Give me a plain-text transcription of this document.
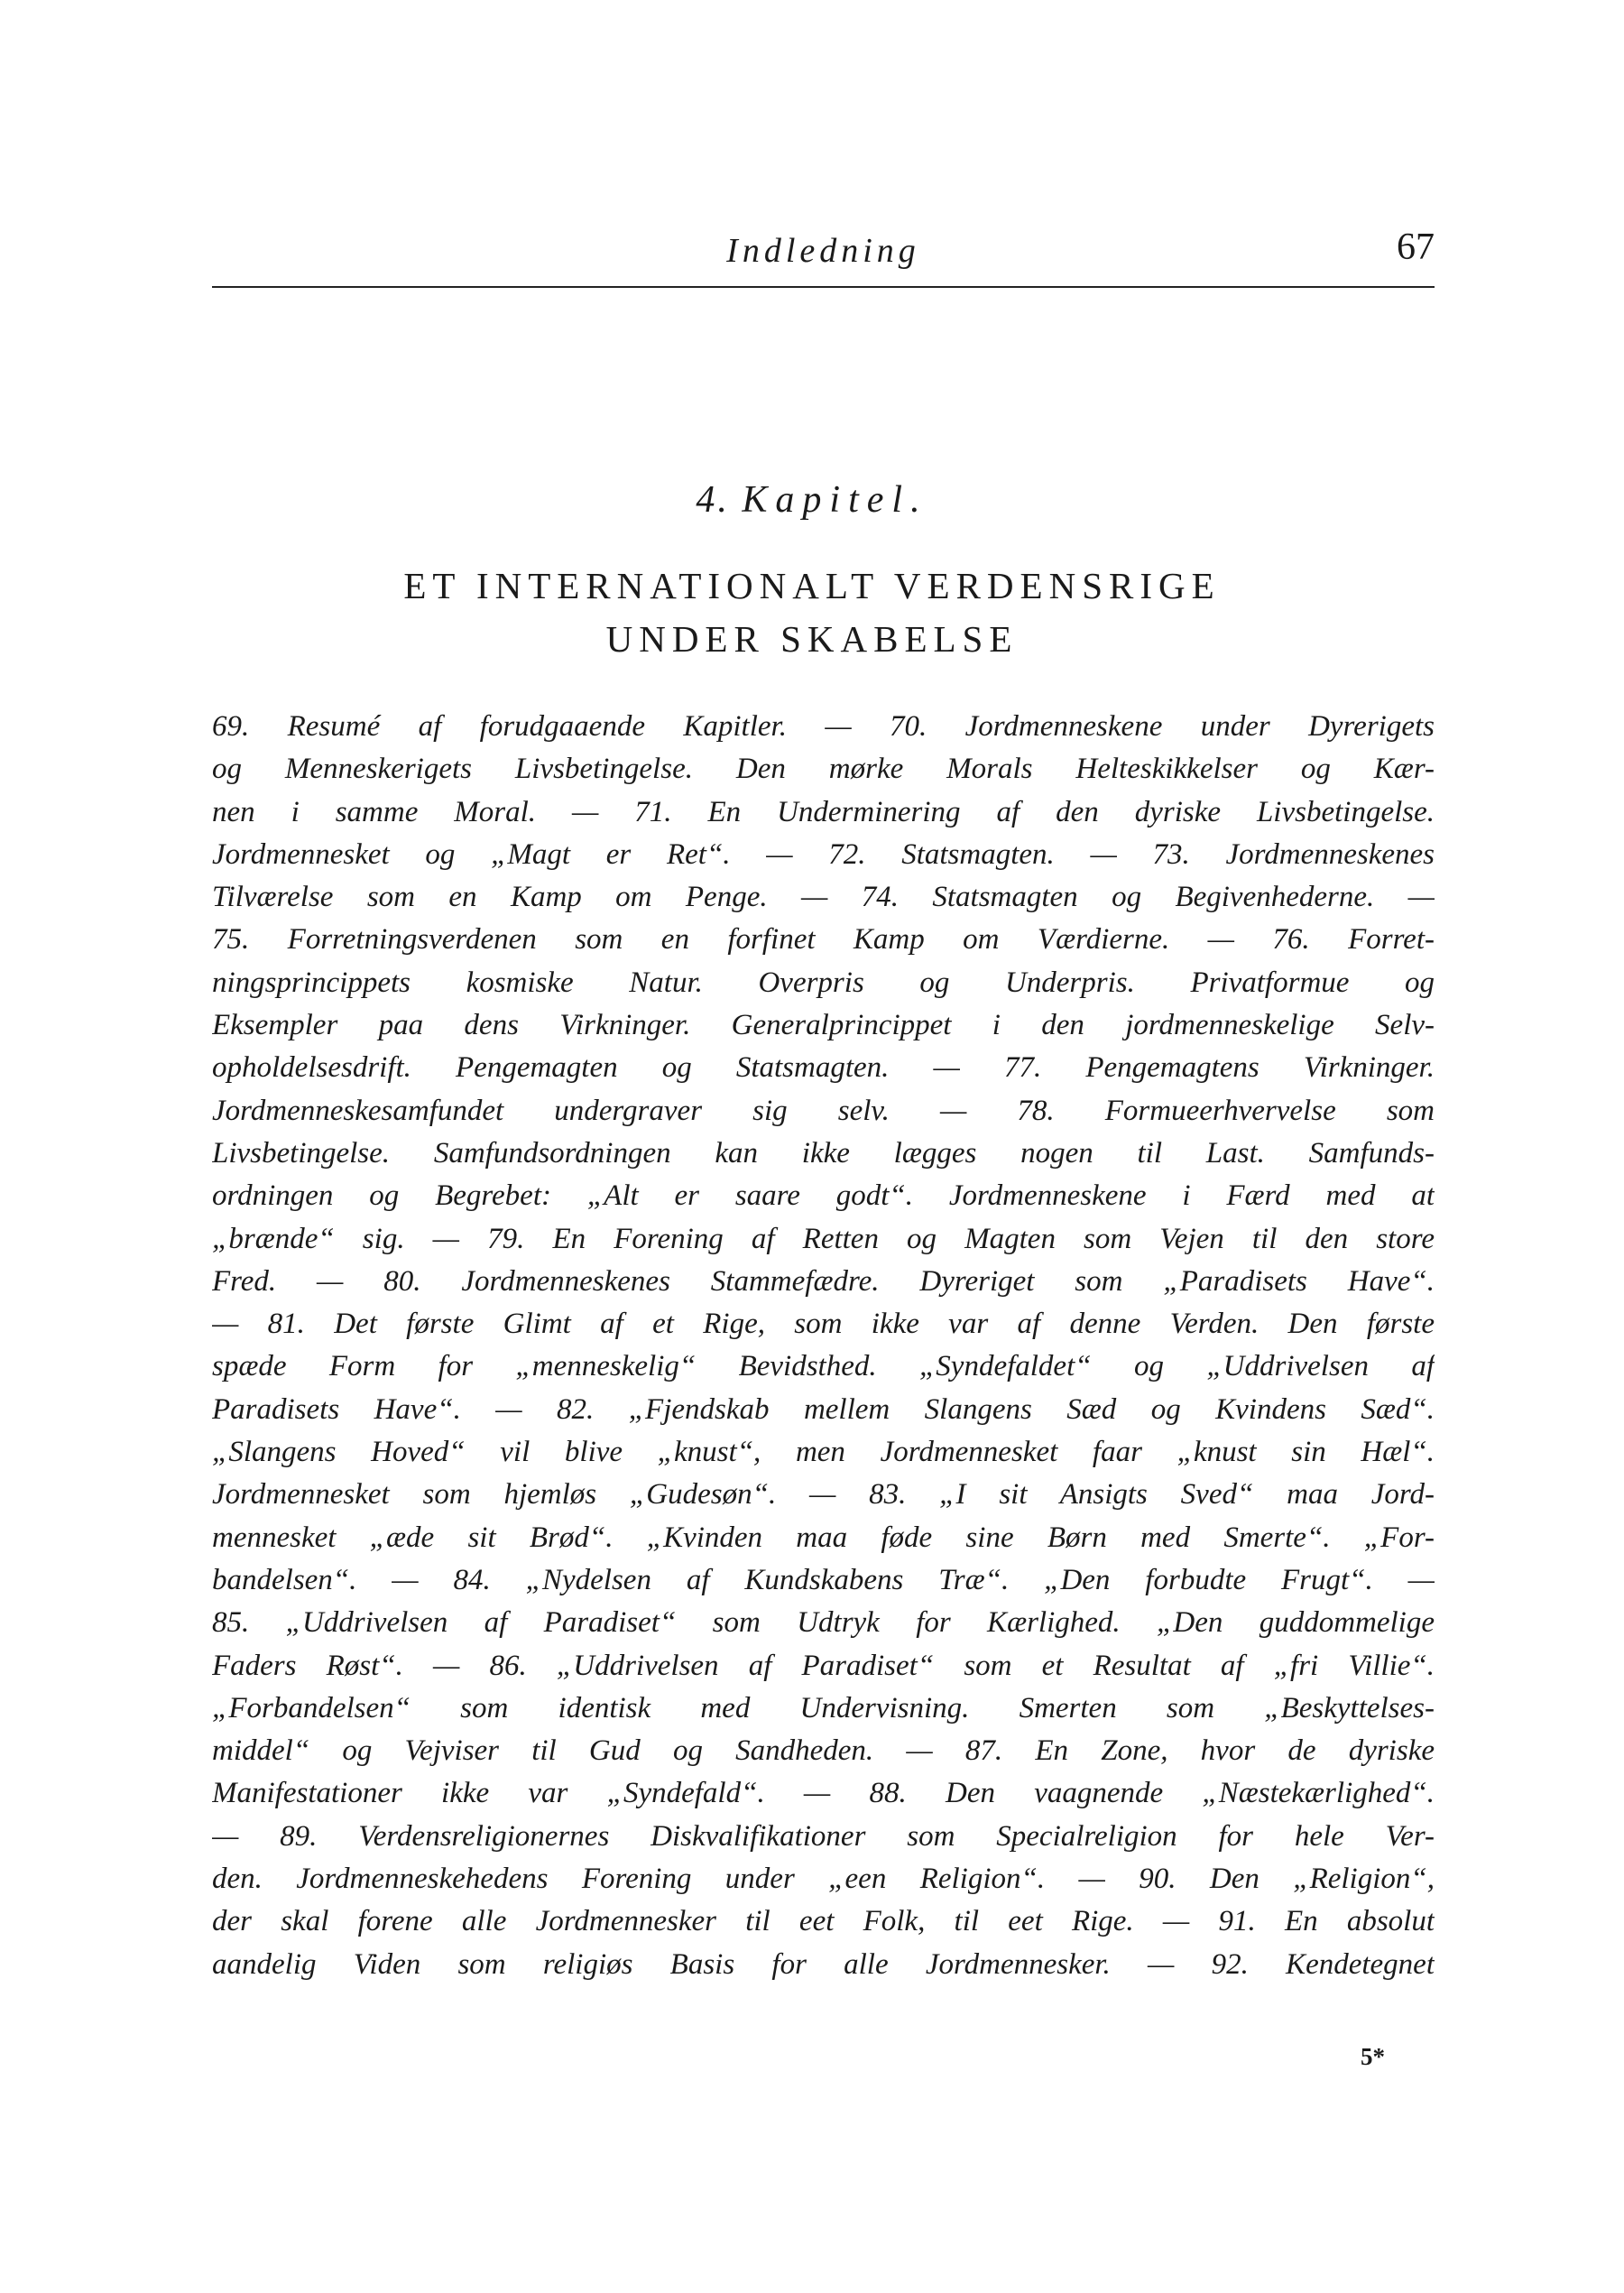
Indledning	67
4. Kapitel.
ET INTERNATIONALT VERDENSRIGE
UNDER SKABELSE
69. Resumé af forudgaaende Kapitler. — 70. Jordmenneskene under Dyrerigets
og Menneskerigets Livsbetingelse. Den mørke Morals Helteskikkelser og Kær-
nen i samme Moral. — 71. En Underminering af den dyriske Livsbetingelse.
Jordmennesket og „Magt er Ret“. — 72. Statsmagten. — 73. Jordmenneskenes
Tilværelse som en Kamp om Penge. — 74. Statsmagten og Begivenhederne. —
75. Forretningsverdenen som en forfinet Kamp om Værdierne. — 76. Forret-
ningsprincippets kosmiske Natur. Overpris og Underpris. Privatformue og
Eksempler paa dens Virkninger. Generalprincippet i den jordmenneskelige Selv-
opholdelsesdrift. Pengemagten og Statsmagten. — 77. Pengemagtens Virkninger.
Jordmenneskesamfundet undergraver sig selv. — 78. Formueerhvervelse som
Livsbetingelse. Samfundsordningen kan ikke lægges nogen til Last. Samfunds-
ordningen og Begrebet: „Alt er saare godt“. Jordmenneskene i Færd med at
„brænde“ sig. — 79. En Forening af Retten og Magten som Vejen til den store
Fred. — 80. Jordmenneskenes Stammefædre. Dyreriget som „Paradisets Have“.
— 81. Det første Glimt af et Rige, som ikke var af denne Verden. Den første
spæde Form for „menneskelig“ Bevidsthed. „Syndefaldet“ og „Uddrivelsen af
Paradisets Have“. — 82. „Fjendskab mellem Slangens Sæd og Kvindens Sæd“.
„Slangens Hoved“ vil blive „knust“, men Jordmennesket faar „knust sin Hæl“.
Jordmennesket som hjemløs „Gudesøn“. — 83. „I sit Ansigts Sved“ maa Jord-
mennesket „æde sit Brød“. „Kvinden maa føde sine Børn med Smerte“. „For-
bandelsen“. — 84. „Nydelsen af Kundskabens Træ“. „Den forbudte Frugt“. —
85. „Uddrivelsen af Paradiset“ som Udtryk for Kærlighed. „Den guddommelige
Faders Røst“. — 86. „Uddrivelsen af Paradiset“ som et Resultat af „fri Villie“.
„Forbandelsen“ som identisk med Undervisning. Smerten som „Beskyttelses-
middel“ og Vejviser til Gud og Sandheden. — 87. En Zone, hvor de dyriske
Manifestationer ikke var „Syndefald“. — 88. Den vaagnende „Næstekærlighed“.
— 89. Verdensreligionernes Diskvalifikationer som Specialreligion for hele Ver-
den. Jordmenneskehedens Forening under „een Religion“. — 90. Den „Religion“,
der skal forene alle Jordmennesker til eet Folk, til eet Rige. — 91. En absolut
aandelig Viden som religiøs Basis for alle Jordmennesker. — 92. Kendetegnet
5*
